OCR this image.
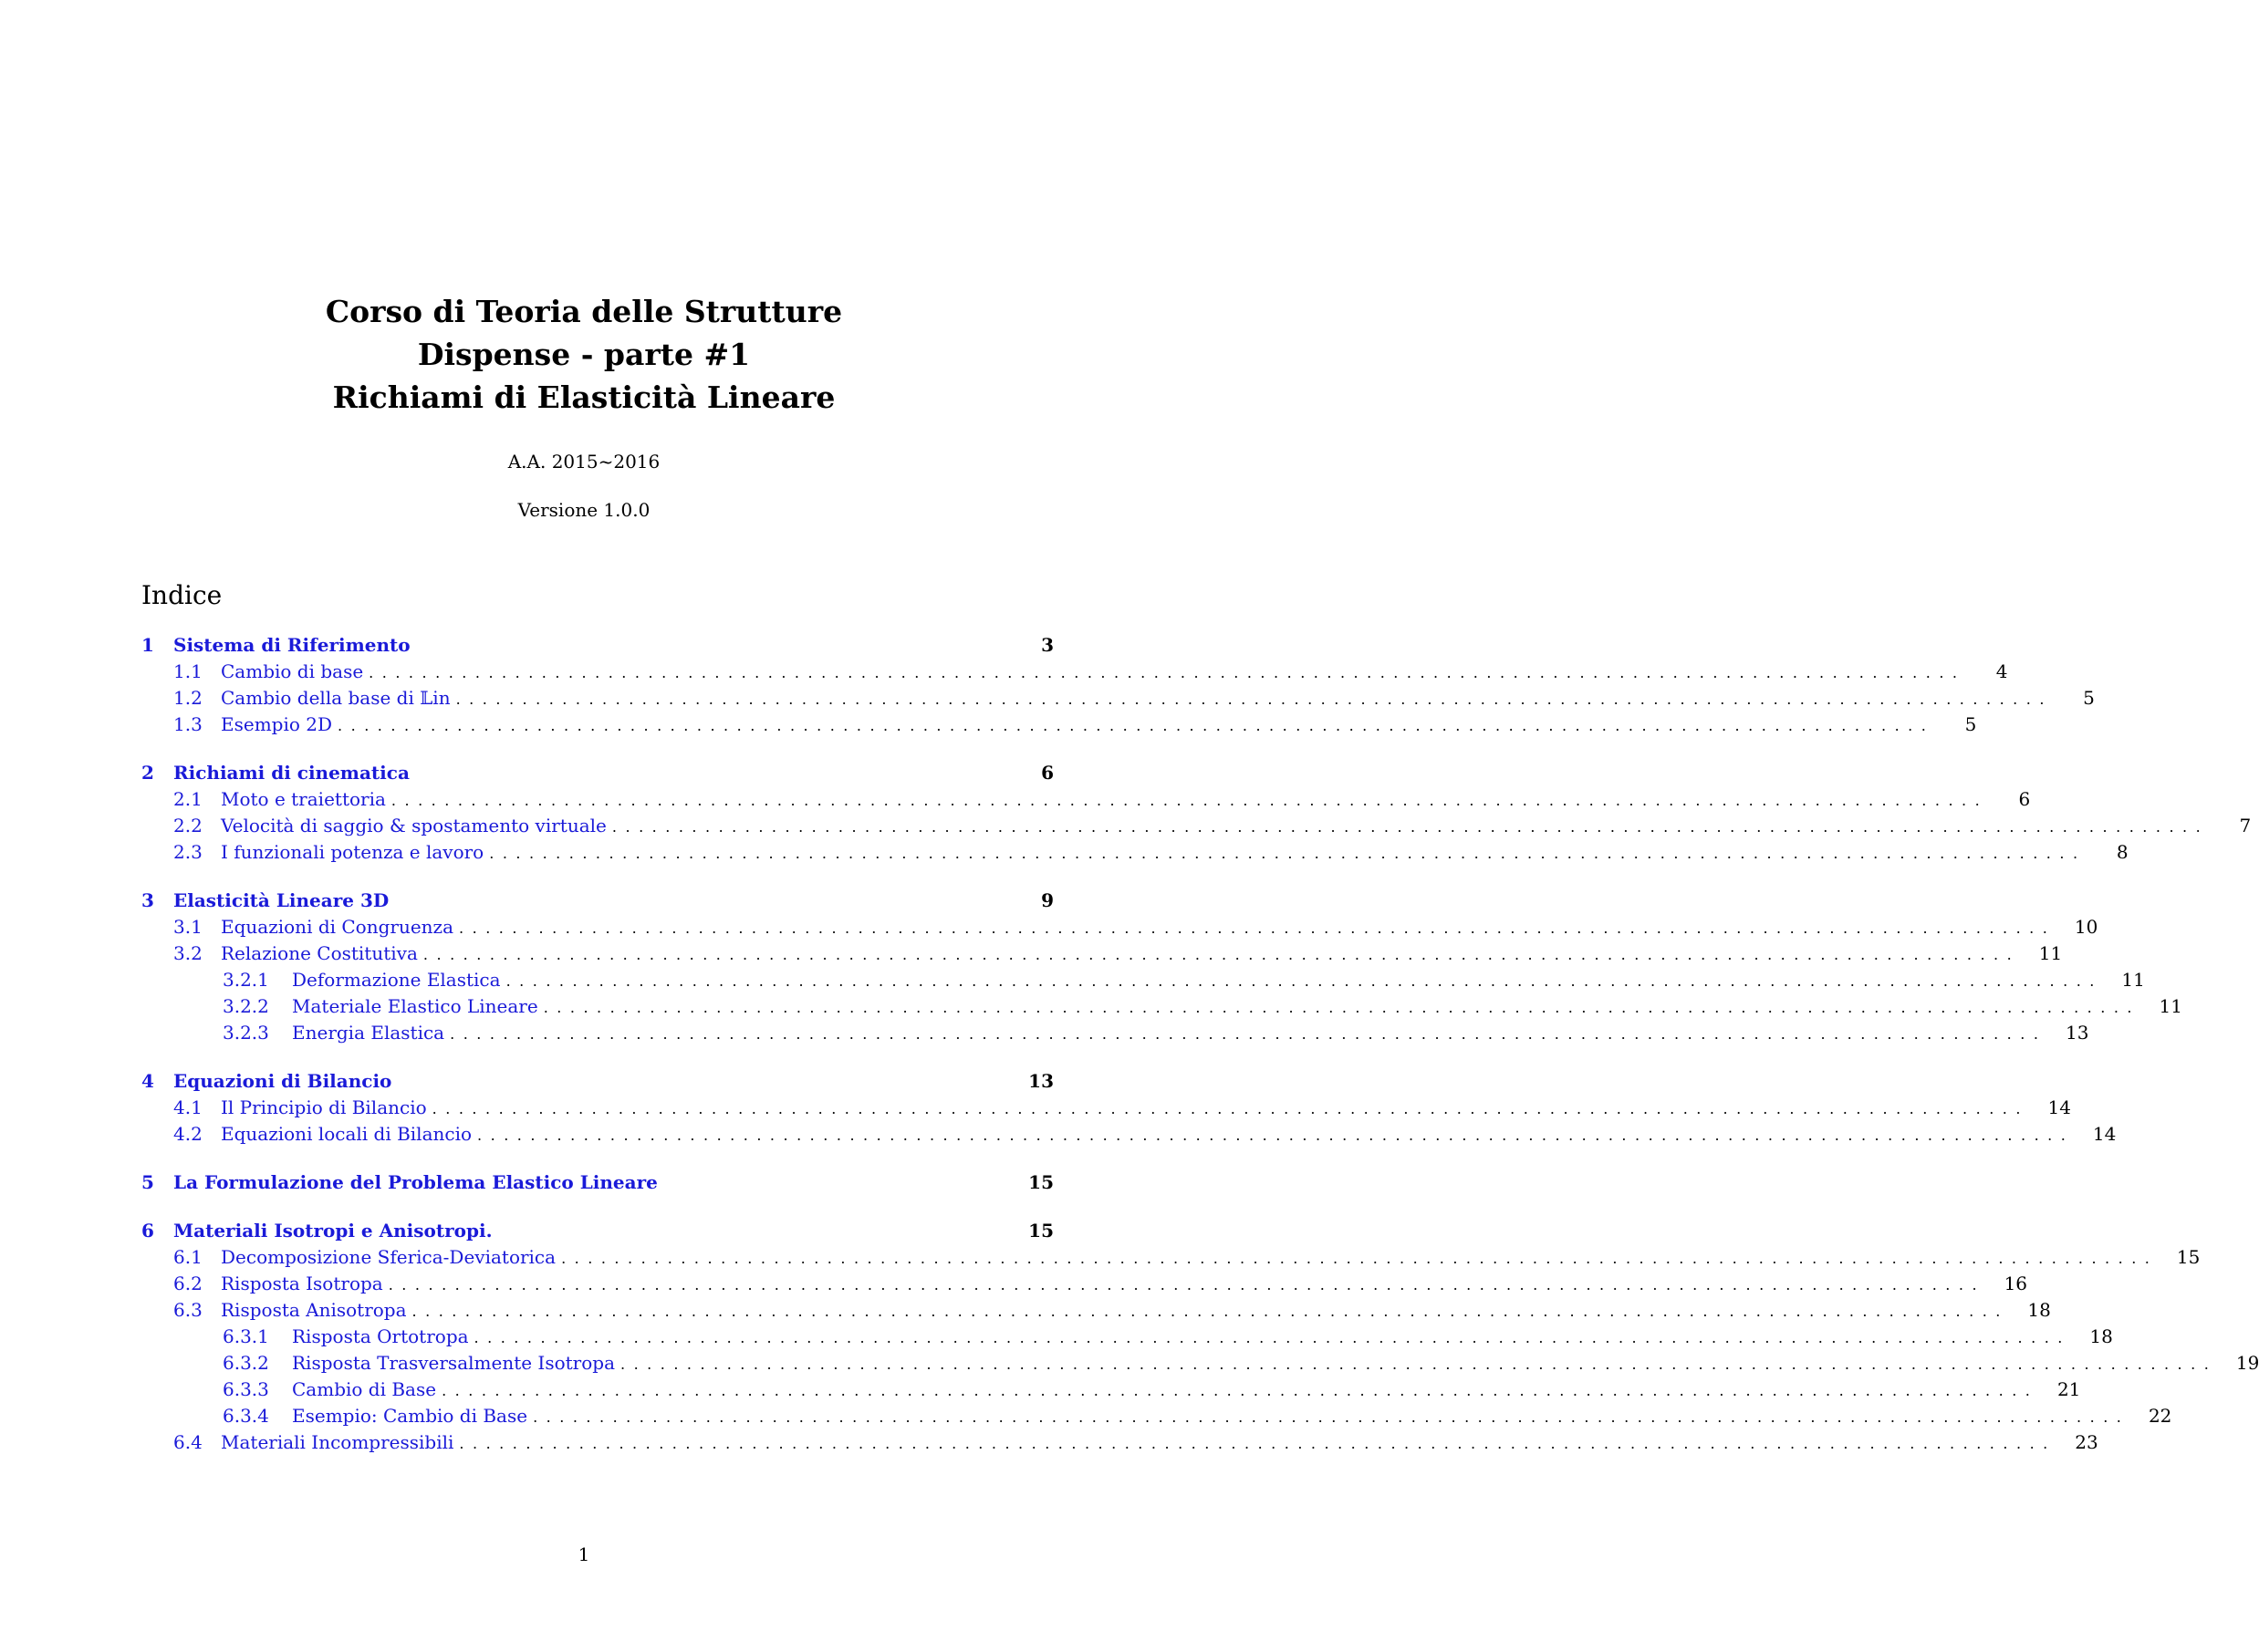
Corso di Teoria delle Strutture
Dispense - parte #1
Richiami di Elasticità Lineare
A.A. 2015~2016
Versione 1.0.0
Indice
1	Sistema di Riferimento	3
1.1	Cambio di base ........................................................................................................................	4
1.2	Cambio della base di 𝕃in ........................................................................................................................	5
1.3	Esempio 2D ........................................................................................................................	5
2	Richiami di cinematica	6
2.1	Moto e traiettoria ........................................................................................................................	6
2.2	Velocità di saggio & spostamento virtuale ........................................................................................................................	7
2.3	I funzionali potenza e lavoro ........................................................................................................................	8
3	Elasticità Lineare 3D	9
3.1	Equazioni di Congruenza ........................................................................................................................	10
3.2	Relazione Costitutiva ........................................................................................................................	11
3.2.1	Deformazione Elastica ........................................................................................................................	11
3.2.2	Materiale Elastico Lineare ........................................................................................................................	11
3.2.3	Energia Elastica ........................................................................................................................	13
4	Equazioni di Bilancio	13
4.1	Il Principio di Bilancio ........................................................................................................................	14
4.2	Equazioni locali di Bilancio ........................................................................................................................	14
5	La Formulazione del Problema Elastico Lineare	15
6	Materiali Isotropi e Anisotropi.	15
6.1	Decomposizione Sferica-Deviatorica ........................................................................................................................	15
6.2	Risposta Isotropa ........................................................................................................................	16
6.3	Risposta Anisotropa ........................................................................................................................	18
6.3.1	Risposta Ortotropa ........................................................................................................................	18
6.3.2	Risposta Trasversalmente Isotropa ........................................................................................................................	19
6.3.3	Cambio di Base ........................................................................................................................	21
6.3.4	Esempio: Cambio di Base ........................................................................................................................	22
6.4	Materiali Incompressibili ........................................................................................................................	23
1
